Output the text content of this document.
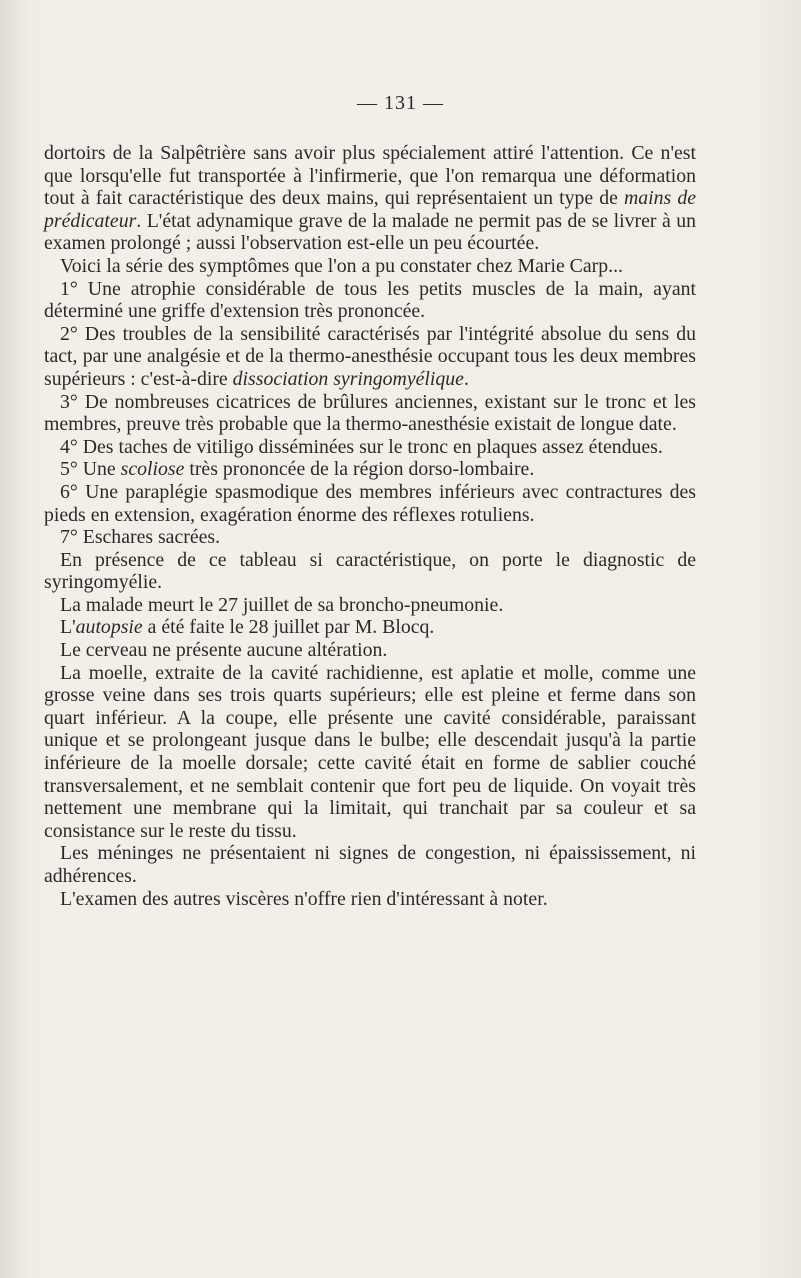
— 131 —

dortoirs de la Salpêtrière sans avoir plus spécialement attiré l'attention. Ce n'est que lorsqu'elle fut transportée à l'infirmerie, que l'on remarqua une déformation tout à fait caractéristique des deux mains, qui représentaient un type de mains de prédicateur. L'état adynamique grave de la malade ne permit pas de se livrer à un examen prolongé ; aussi l'observation est-elle un peu écourtée.

Voici la série des symptômes que l'on a pu constater chez Marie Carp...

1° Une atrophie considérable de tous les petits muscles de la main, ayant déterminé une griffe d'extension très prononcée.

2° Des troubles de la sensibilité caractérisés par l'intégrité absolue du sens du tact, par une analgésie et de la thermo-anesthésie occupant tous les deux membres supérieurs : c'est-à-dire dissociation syringomyélique.

3° De nombreuses cicatrices de brûlures anciennes, existant sur le tronc et les membres, preuve très probable que la thermo-anesthésie existait de longue date.

4° Des taches de vitiligo disséminées sur le tronc en plaques assez étendues.

5° Une scoliose très prononcée de la région dorso-lombaire.

6° Une paraplégie spasmodique des membres inférieurs avec contractures des pieds en extension, exagération énorme des réflexes rotuliens.

7° Eschares sacrées.

En présence de ce tableau si caractéristique, on porte le diagnostic de syringomyélie.

La malade meurt le 27 juillet de sa broncho-pneumonie.

L'autopsie a été faite le 28 juillet par M. Blocq.

Le cerveau ne présente aucune altération.

La moelle, extraite de la cavité rachidienne, est aplatie et molle, comme une grosse veine dans ses trois quarts supérieurs; elle est pleine et ferme dans son quart inférieur. A la coupe, elle présente une cavité considérable, paraissant unique et se prolongeant jusque dans le bulbe; elle descendait jusqu'à la partie inférieure de la moelle dorsale; cette cavité était en forme de sablier couché transversalement, et ne semblait contenir que fort peu de liquide. On voyait très nettement une membrane qui la limitait, qui tranchait par sa couleur et sa consistance sur le reste du tissu.

Les méninges ne présentaient ni signes de congestion, ni épaississement, ni adhérences.

L'examen des autres viscères n'offre rien d'intéressant à noter.
